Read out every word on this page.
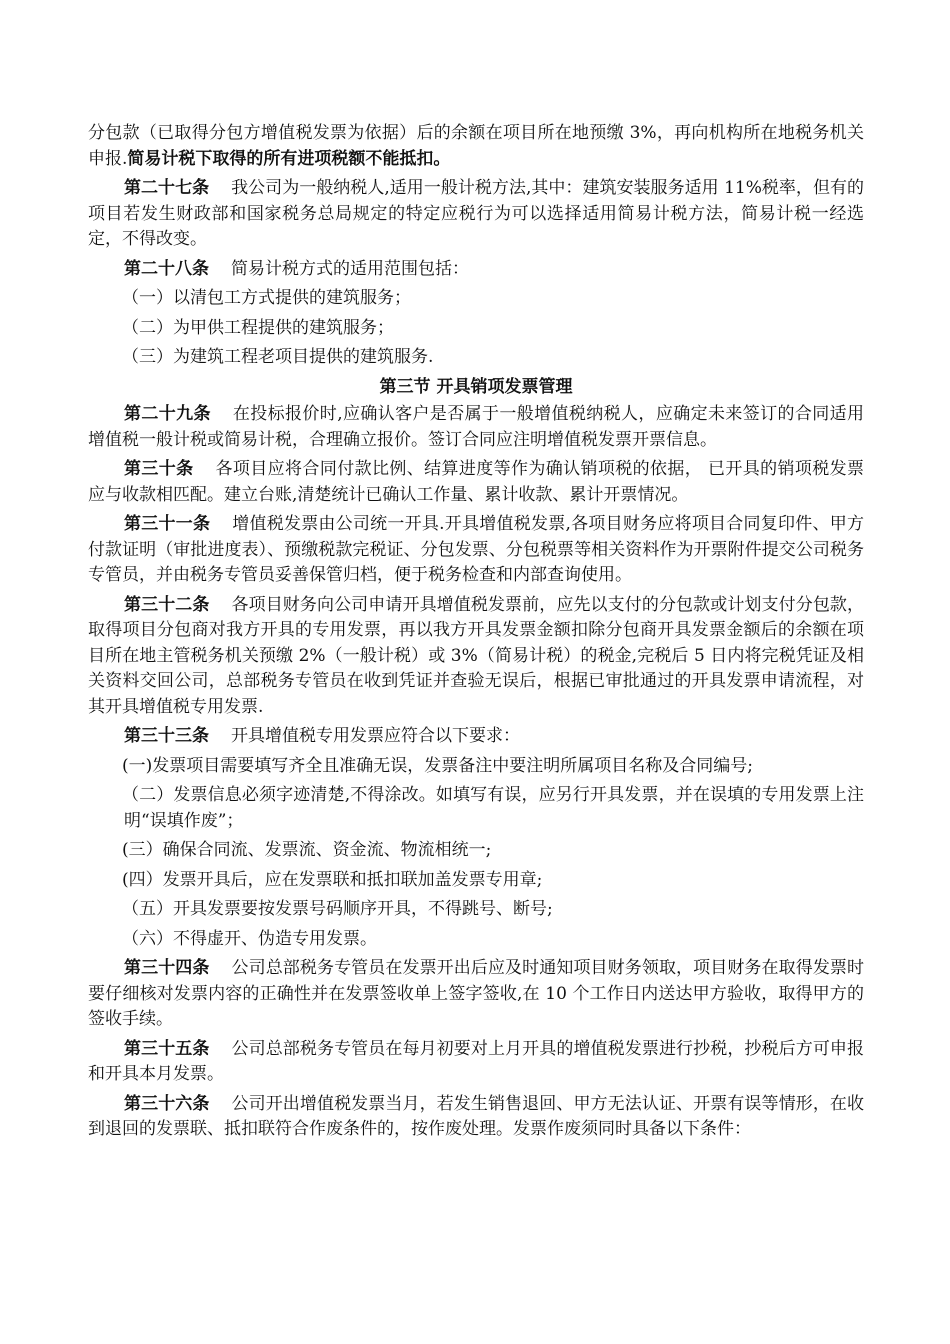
分包款（已取得分包方增值税发票为依据）后的余额在项目所在地预缴 3%，再向机构所在地税务机关申报.简易计税下取得的所有进项税额不能抵扣。

第二十七条 我公司为一般纳税人,适用一般计税方法,其中：建筑安装服务适用 11%税率，但有的项目若发生财政部和国家税务总局规定的特定应税行为可以选择适用简易计税方法，简易计税一经选定，不得改变。

第二十八条 简易计税方式的适用范围包括：

（一）以清包工方式提供的建筑服务；

（二）为甲供工程提供的建筑服务；

（三）为建筑工程老项目提供的建筑服务.

第三节 开具销项发票管理

第二十九条 在投标报价时,应确认客户是否属于一般增值税纳税人，应确定未来签订的合同适用增值税一般计税或简易计税，合理确立报价。签订合同应注明增值税发票开票信息。

第三十条 各项目应将合同付款比例、结算进度等作为确认销项税的依据， 已开具的销项税发票应与收款相匹配。建立台账,清楚统计已确认工作量、累计收款、累计开票情况。

第三十一条 增值税发票由公司统一开具.开具增值税发票,各项目财务应将项目合同复印件、甲方付款证明（审批进度表）、预缴税款完税证、分包发票、分包税票等相关资料作为开票附件提交公司税务专管员，并由税务专管员妥善保管归档，便于税务检查和内部查询使用。

第三十二条 各项目财务向公司申请开具增值税发票前，应先以支付的分包款或计划支付分包款，取得项目分包商对我方开具的专用发票，再以我方开具发票金额扣除分包商开具发票金额后的余额在项目所在地主管税务机关预缴 2%（一般计税）或 3%（简易计税）的税金,完税后 5 日内将完税凭证及相关资料交回公司，总部税务专管员在收到凭证并查验无误后，根据已审批通过的开具发票申请流程，对其开具增值税专用发票.

第三十三条 开具增值税专用发票应符合以下要求：

(一)发票项目需要填写齐全且准确无误，发票备注中要注明所属项目名称及合同编号;

（二）发票信息必须字迹清楚,不得涂改。如填写有误，应另行开具发票，并在误填的专用发票上注明“误填作废”；

(三）确保合同流、发票流、资金流、物流相统一;

(四）发票开具后，应在发票联和抵扣联加盖发票专用章;

（五）开具发票要按发票号码顺序开具，不得跳号、断号;

（六）不得虚开、伪造专用发票。

第三十四条 公司总部税务专管员在发票开出后应及时通知项目财务领取，项目财务在取得发票时要仔细核对发票内容的正确性并在发票签收单上签字签收,在 10 个工作日内送达甲方验收，取得甲方的签收手续。

第三十五条 公司总部税务专管员在每月初要对上月开具的增值税发票进行抄税，抄税后方可申报和开具本月发票。

第三十六条 公司开出增值税发票当月，若发生销售退回、甲方无法认证、开票有误等情形，在收到退回的发票联、抵扣联符合作废条件的，按作废处理。发票作废须同时具备以下条件：
